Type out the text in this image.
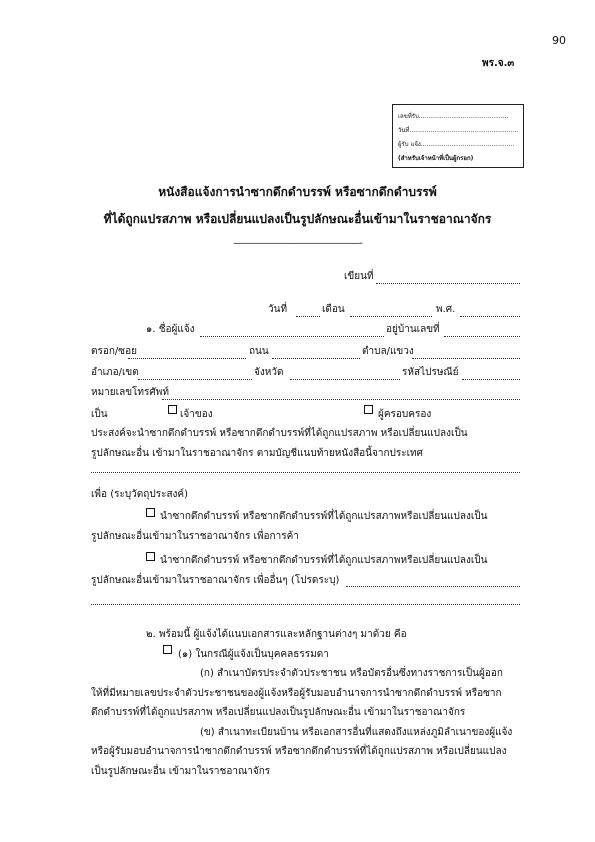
90
พร.จ.๓
เลขที่รับ...............................................
วันที่.........................................................
ผู้รับ แจ้ง.................................................
(สำหรับเจ้าหน้าที่เป็นผู้กรอก)
หนังสือแจ้งการนำซากดึกดำบรรพ์ หรือซากดึกดำบรรพ์
ที่ได้ถูกแปรสภาพ หรือเปลี่ยนแปลงเป็นรูปลักษณะอื่นเข้ามาในราชอาณาจักร
——————————————-
เขียนที่
วันที่	เดือน	พ.ศ.
๑. ชื่อผู้แจ้ง	อยู่บ้านเลขที่
ตรอก/ซอย	ถนน	ตำบล/แขวง
อำเภอ/เขต	จังหวัด	รหัสไปรษณีย์
หมายเลขโทรศัพท์
เป็น	เจ้าของ	ผู้ครอบครอง
ประสงค์จะนำซากดึกดำบรรพ์ หรือซากดึกดำบรรพ์ที่ได้ถูกแปรสภาพ หรือเปลี่ยนแปลงเป็น
รูปลักษณะอื่น เข้ามาในราชอาณาจักร ตามบัญชีแนบท้ายหนังสือนี้จากประเทศ
เพื่อ (ระบุวัตถุประสงค์)
นำซากดึกดำบรรพ์ หรือซากดึกดำบรรพ์ที่ได้ถูกแปรสภาพหรือเปลี่ยนแปลงเป็น
รูปลักษณะอื่นเข้ามาในราชอาณาจักร เพื่อการค้า
นำซากดึกดำบรรพ์ หรือซากดึกดำบรรพ์ที่ได้ถูกแปรสภาพหรือเปลี่ยนแปลงเป็น
รูปลักษณะอื่นเข้ามาในราชอาณาจักร เพื่ออื่นๆ (โปรดระบุ)
๒. พร้อมนี้ ผู้แจ้งได้แนบเอกสารและหลักฐานต่างๆ มาด้วย คือ
(๑) ในกรณีผู้แจ้งเป็นบุคคลธรรมดา
(ก) สำเนาบัตรประจำตัวประชาชน หรือบัตรอื่นซึ่งทางราชการเป็นผู้ออก
ให้ที่มีหมายเลขประจำตัวประชาชนของผู้แจ้งหรือผู้รับมอบอำนาจการนำซากดึกดำบรรพ์ หรือซาก
ดึกดำบรรพ์ที่ได้ถูกแปรสภาพ หรือเปลี่ยนแปลงเป็นรูปลักษณะอื่น เข้ามาในราชอาณาจักร
(ข) สำเนาทะเบียนบ้าน หรือเอกสารอื่นที่แสดงถึงแหล่งภูมิลำเนาของผู้แจ้ง
หรือผู้รับมอบอำนาจการนำซากดึกดำบรรพ์ หรือซากดึกดำบรรพ์ที่ได้ถูกแปรสภาพ หรือเปลี่ยนแปลง
เป็นรูปลักษณะอื่น เข้ามาในราชอาณาจักร
